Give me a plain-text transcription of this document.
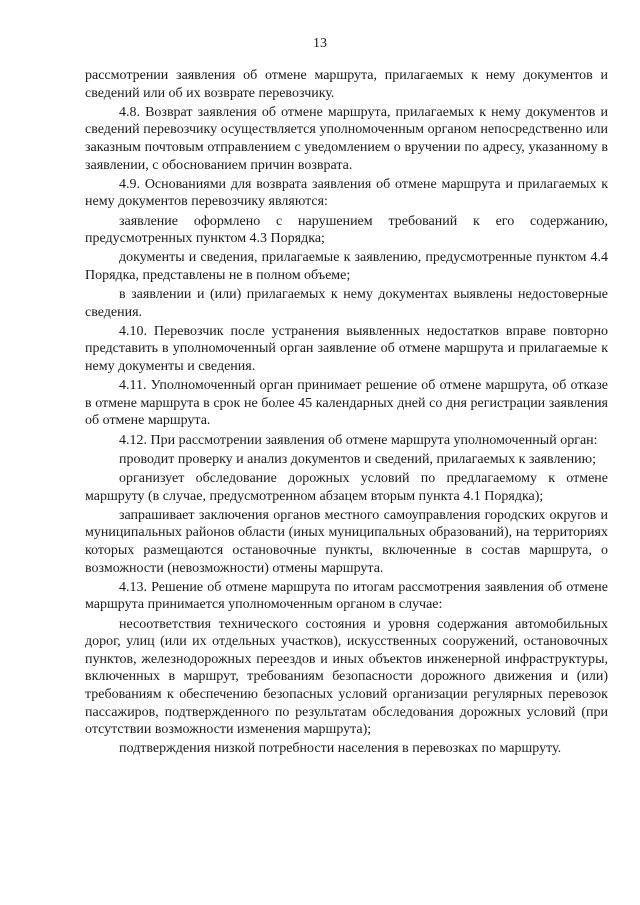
13

рассмотрении заявления об отмене маршрута, прилагаемых к нему документов и сведений или об их возврате перевозчику.

4.8. Возврат заявления об отмене маршрута, прилагаемых к нему документов и сведений перевозчику осуществляется уполномоченным органом непосредственно или заказным почтовым отправлением с уведомлением о вручении по адресу, указанному в заявлении, с обоснованием причин возврата.

4.9. Основаниями для возврата заявления об отмене маршрута и прилагаемых к нему документов перевозчику являются:

заявление оформлено с нарушением требований к его содержанию, предусмотренных пунктом 4.3 Порядка;

документы и сведения, прилагаемые к заявлению, предусмотренные пунктом 4.4 Порядка, представлены не в полном объеме;

в заявлении и (или) прилагаемых к нему документах выявлены недостоверные сведения.

4.10. Перевозчик после устранения выявленных недостатков вправе повторно представить в уполномоченный орган заявление об отмене маршрута и прилагаемые к нему документы и сведения.

4.11. Уполномоченный орган принимает решение об отмене маршрута, об отказе в отмене маршрута в срок не более 45 календарных дней со дня регистрации заявления об отмене маршрута.

4.12. При рассмотрении заявления об отмене маршрута уполномоченный орган:

проводит проверку и анализ документов и сведений, прилагаемых к заявлению;

организует обследование дорожных условий по предлагаемому к отмене маршруту (в случае, предусмотренном абзацем вторым пункта 4.1 Порядка);

запрашивает заключения органов местного самоуправления городских округов и муниципальных районов области (иных муниципальных образований), на территориях которых размещаются остановочные пункты, включенные в состав маршрута, о возможности (невозможности) отмены маршрута.

4.13. Решение об отмене маршрута по итогам рассмотрения заявления об отмене маршрута принимается уполномоченным органом в случае:

несоответствия технического состояния и уровня содержания автомобильных дорог, улиц (или их отдельных участков), искусственных сооружений, остановочных пунктов, железнодорожных переездов и иных объектов инженерной инфраструктуры, включенных в маршрут, требованиям безопасности дорожного движения и (или) требованиям к обеспечению безопасных условий организации регулярных перевозок пассажиров, подтвержденного по результатам обследования дорожных условий (при отсутствии возможности изменения маршрута);

подтверждения низкой потребности населения в перевозках по маршруту.
